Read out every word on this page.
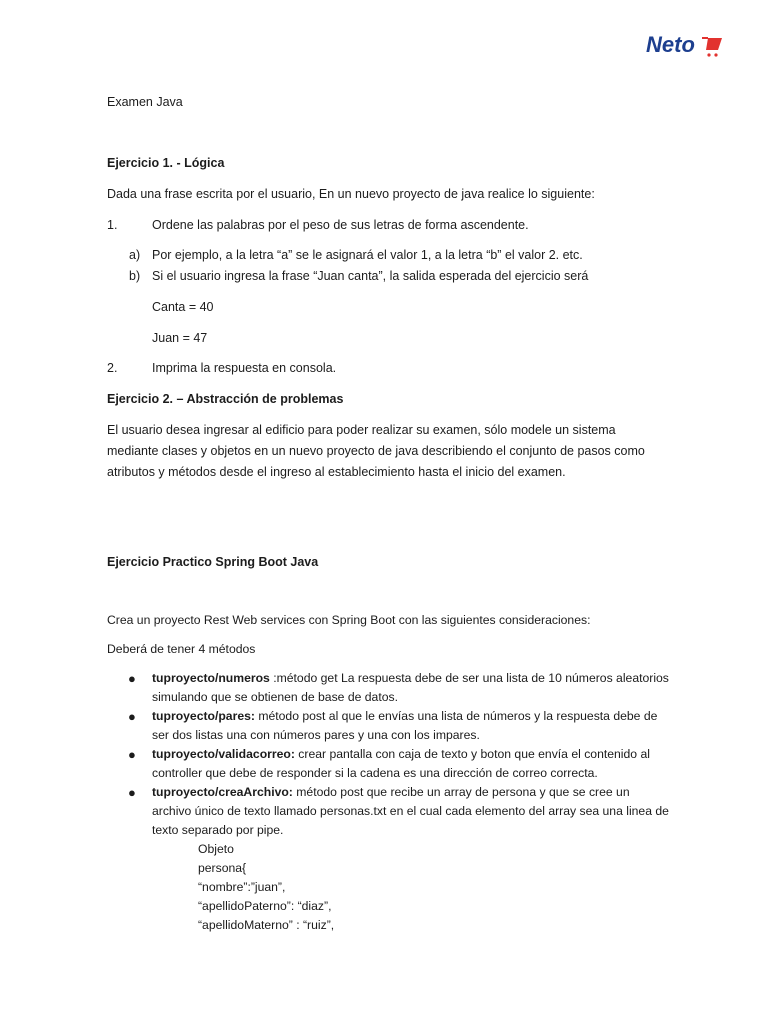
Neto
Examen Java
Ejercicio 1. - Lógica
Dada una frase escrita por el usuario, En un nuevo proyecto de java realice lo siguiente:
1.	Ordene las palabras por el peso de sus letras de forma ascendente.
a) Por ejemplo, a la letra “a” se le asignará el valor 1, a la letra “b” el valor 2. etc.
b) Si el usuario ingresa la frase “Juan canta”, la salida esperada del ejercicio será
Canta = 40
Juan = 47
2.	Imprima la respuesta en consola.
Ejercicio 2. – Abstracción de problemas
El usuario desea ingresar al edificio para poder realizar su examen, sólo modele un sistema mediante clases y objetos en un nuevo proyecto de java describiendo el conjunto de pasos como atributos y métodos desde el ingreso al establecimiento hasta el inicio del examen.
Ejercicio Practico Spring Boot Java
Crea un proyecto Rest Web services con Spring Boot con las siguientes consideraciones:
Deberá de tener 4 métodos
● tuproyecto/numeros :método get La respuesta debe de ser una lista de 10 números aleatorios simulando que se obtienen de base de datos.
● tuproyecto/pares: método post al que le envías una lista de números y la respuesta debe de ser dos listas una con números pares y una con los impares.
● tuproyecto/validacorreo: crear pantalla con caja de texto y boton que envía el contenido al controller que debe de responder si la cadena es una dirección de correo correcta.
● tuproyecto/creaArchivo: método post que recibe un array de persona y que se cree un archivo único de texto llamado personas.txt en el cual cada elemento del array sea una linea de texto separado por pipe.
Objeto
persona{
“nombre”:”juan”,
“apellidoPaterno”: “diaz”,
“apellidoMaterno” : “ruiz”,
